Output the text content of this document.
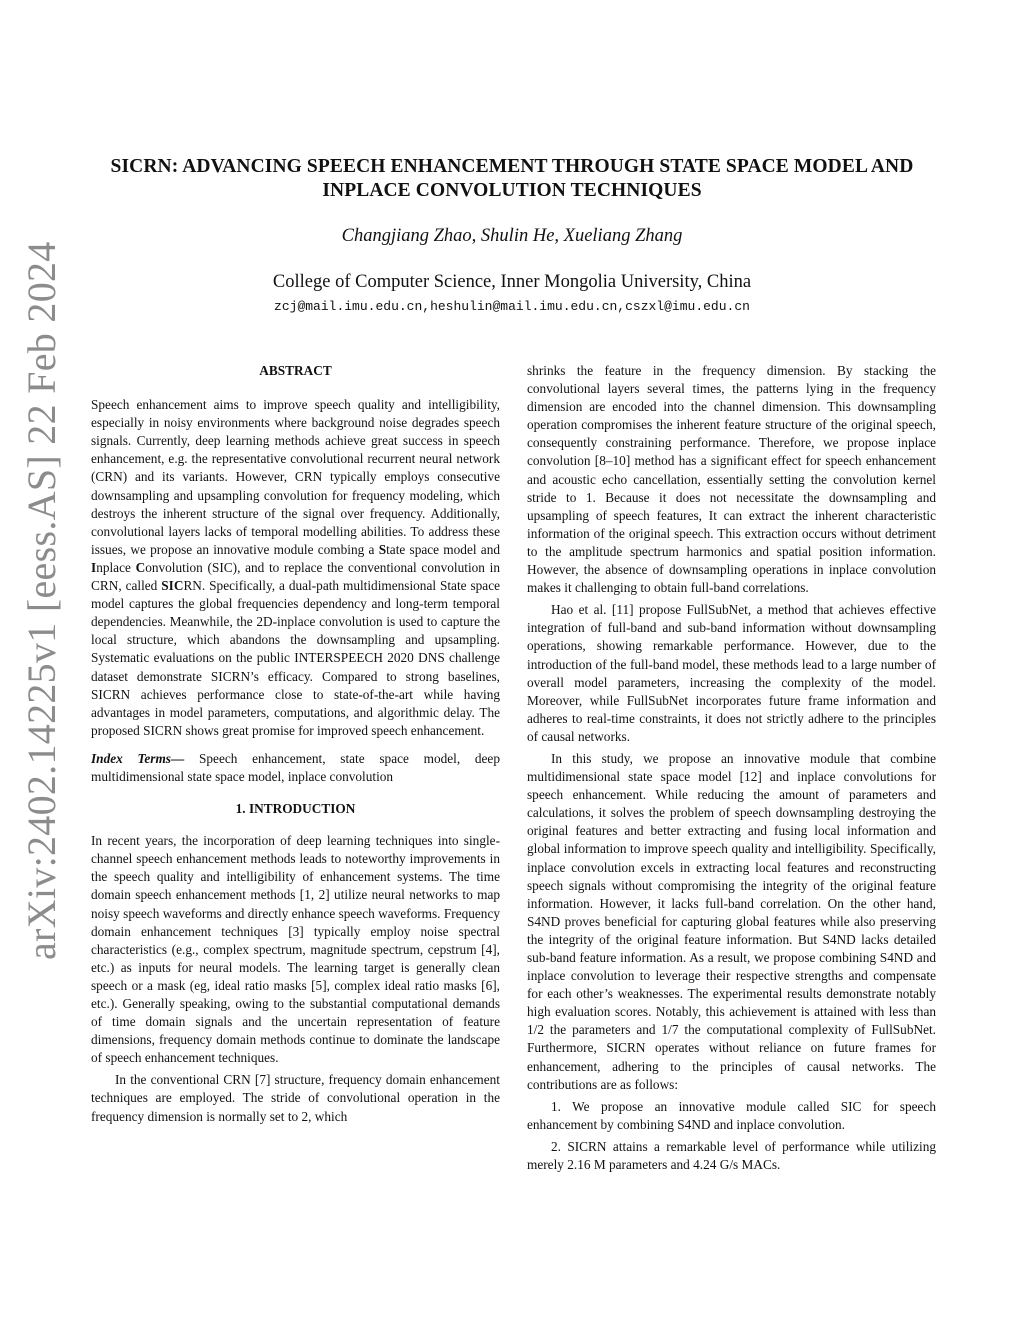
arXiv:2402.14225v1 [eess.AS] 22 Feb 2024
SICRN: ADVANCING SPEECH ENHANCEMENT THROUGH STATE SPACE MODEL AND
INPLACE CONVOLUTION TECHNIQUES
Changjiang Zhao, Shulin He, Xueliang Zhang
College of Computer Science, Inner Mongolia University, China
zcj@mail.imu.edu.cn,heshulin@mail.imu.edu.cn,cszxl@imu.edu.cn
ABSTRACT

Speech enhancement aims to improve speech quality and intelligibility, especially in noisy environments where background noise degrades speech signals. Currently, deep learning methods achieve great success in speech enhancement, e.g. the representative convolutional recurrent neural network (CRN) and its variants. However, CRN typically employs consecutive downsampling and upsampling convolution for frequency modeling, which destroys the inherent structure of the signal over frequency. Additionally, convolutional layers lacks of temporal modelling abilities. To address these issues, we propose an innovative module combing a State space model and Inplace Convolution (SIC), and to replace the conventional convolution in CRN, called SICRN. Specifically, a dual-path multidimensional State space model captures the global frequencies dependency and long-term temporal dependencies. Meanwhile, the 2D-inplace convolution is used to capture the local structure, which abandons the downsampling and upsampling. Systematic evaluations on the public INTERSPEECH 2020 DNS challenge dataset demonstrate SICRN’s efficacy. Compared to strong baselines, SICRN achieves performance close to state-of-the-art while having advantages in model parameters, computations, and algorithmic delay. The proposed SICRN shows great promise for improved speech enhancement.

Index Terms— Speech enhancement, state space model, deep multidimensional state space model, inplace convolution

1. INTRODUCTION

In recent years, the incorporation of deep learning techniques into single-channel speech enhancement methods leads to noteworthy improvements in the speech quality and intelligibility of enhancement systems. The time domain speech enhancement methods [1, 2] utilize neural networks to map noisy speech waveforms and directly enhance speech waveforms. Frequency domain enhancement techniques [3] typically employ noise spectral characteristics (e.g., complex spectrum, magnitude spectrum, cepstrum [4], etc.) as inputs for neural models. The learning target is generally clean speech or a mask (eg, ideal ratio masks [5], complex ideal ratio masks [6], etc.). Generally speaking, owing to the substantial computational demands of time domain signals and the uncertain representation of feature dimensions, frequency domain methods continue to dominate the landscape of speech enhancement techniques.

In the conventional CRN [7] structure, frequency domain enhancement techniques are employed. The stride of convolutional operation in the frequency dimension is normally set to 2, which

shrinks the feature in the frequency dimension. By stacking the convolutional layers several times, the patterns lying in the frequency dimension are encoded into the channel dimension. This downsampling operation compromises the inherent feature structure of the original speech, consequently constraining performance. Therefore, we propose inplace convolution [8–10] method has a significant effect for speech enhancement and acoustic echo cancellation, essentially setting the convolution kernel stride to 1. Because it does not necessitate the downsampling and upsampling of speech features, It can extract the inherent characteristic information of the original speech. This extraction occurs without detriment to the amplitude spectrum harmonics and spatial position information. However, the absence of downsampling operations in inplace convolution makes it challenging to obtain full-band correlations.

Hao et al. [11] propose FullSubNet, a method that achieves effective integration of full-band and sub-band information without downsampling operations, showing remarkable performance. However, due to the introduction of the full-band model, these methods lead to a large number of overall model parameters, increasing the complexity of the model. Moreover, while FullSubNet incorporates future frame information and adheres to real-time constraints, it does not strictly adhere to the principles of causal networks.

In this study, we propose an innovative module that combine multidimensional state space model [12] and inplace convolutions for speech enhancement. While reducing the amount of parameters and calculations, it solves the problem of speech downsampling destroying the original features and better extracting and fusing local information and global information to improve speech quality and intelligibility. Specifically, inplace convolution excels in extracting local features and reconstructing speech signals without compromising the integrity of the original feature information. However, it lacks full-band correlation. On the other hand, S4ND proves beneficial for capturing global features while also preserving the integrity of the original feature information. But S4ND lacks detailed sub-band feature information. As a result, we propose combining S4ND and inplace convolution to leverage their respective strengths and compensate for each other’s weaknesses. The experimental results demonstrate notably high evaluation scores. Notably, this achievement is attained with less than 1/2 the parameters and 1/7 the computational complexity of FullSubNet. Furthermore, SICRN operates without reliance on future frames for enhancement, adhering to the principles of causal networks. The contributions are as follows:

1. We propose an innovative module called SIC for speech enhancement by combining S4ND and inplace convolution.

2. SICRN attains a remarkable level of performance while utilizing merely 2.16 M parameters and 4.24 G/s MACs.
